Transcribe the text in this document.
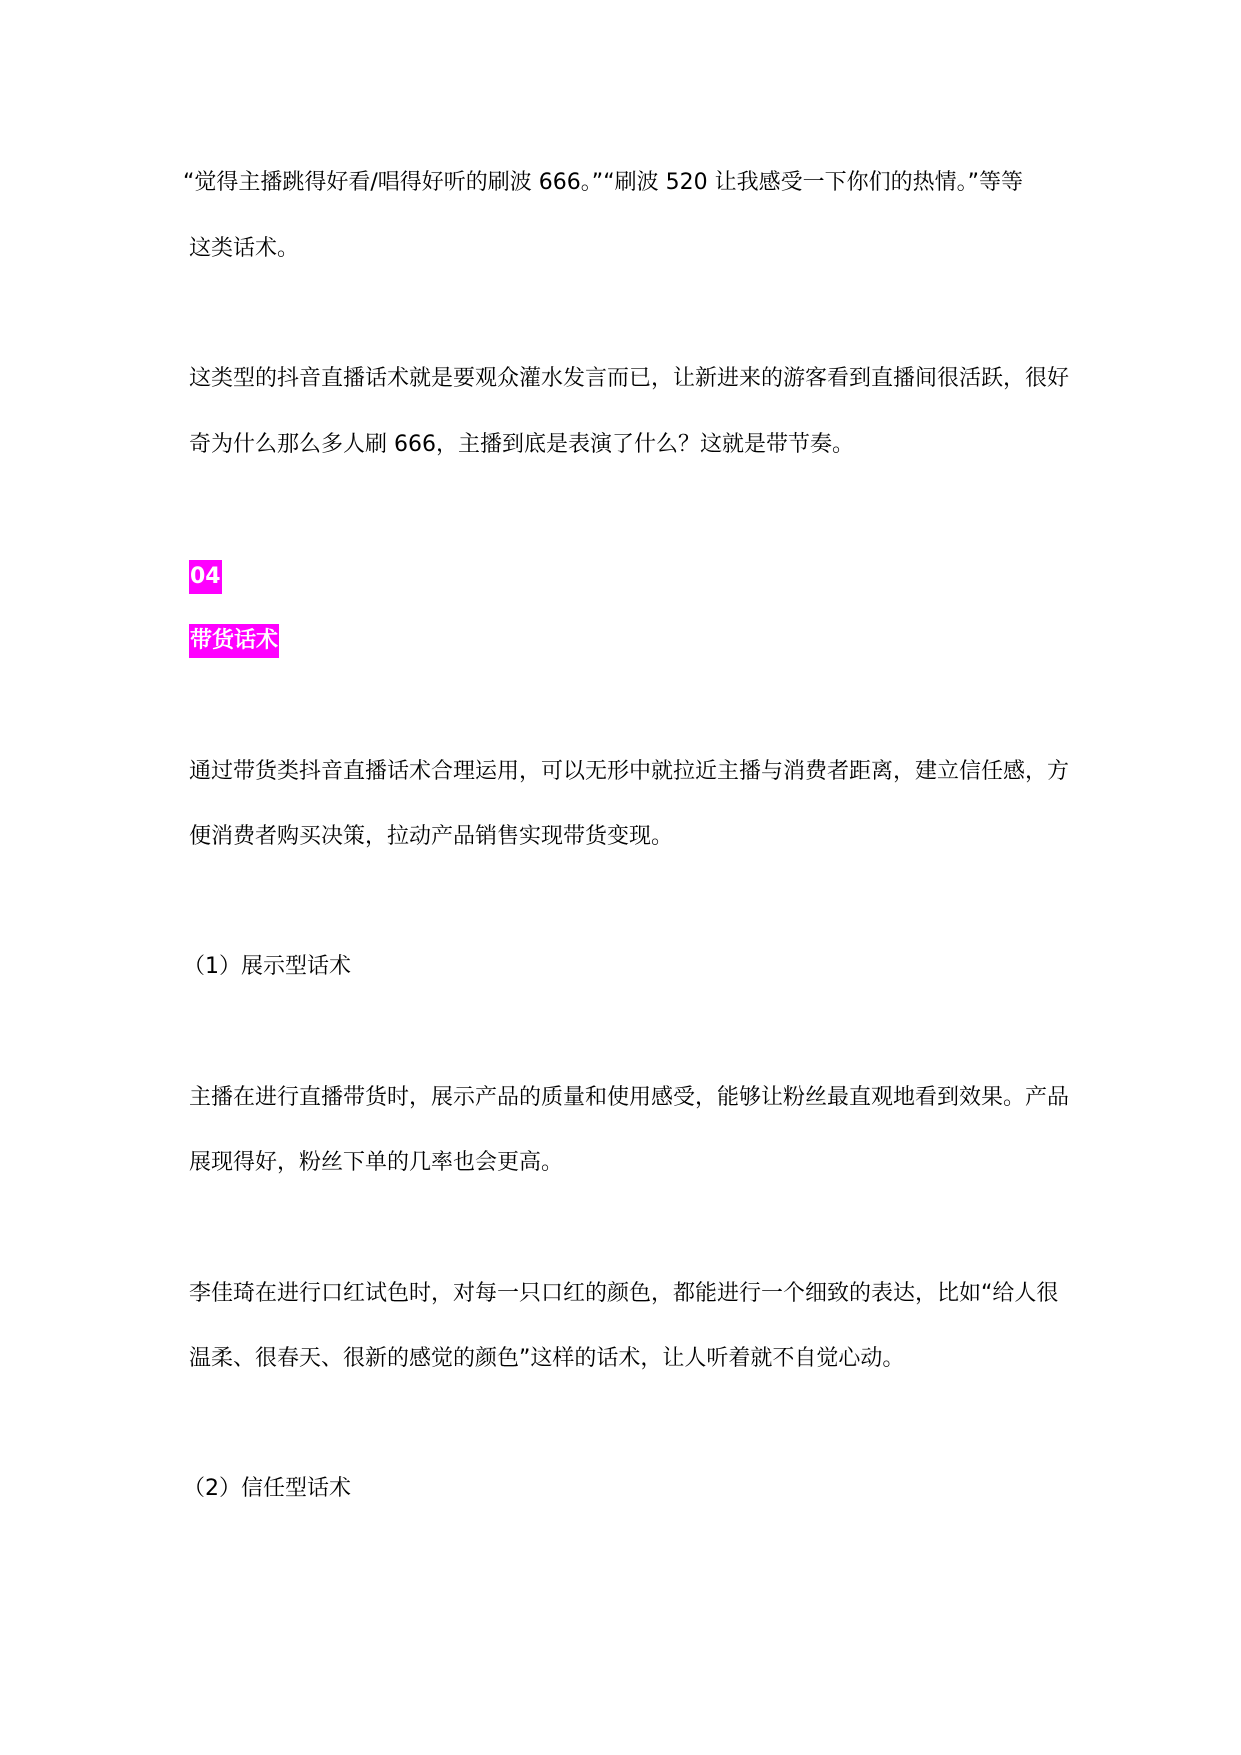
“觉得主播跳得好看/唱得好听的刷波 666。”“刷波 520 让我感受一下你们的热情。”等等
这类话术。
这类型的抖音直播话术就是要观众灌水发言而已，让新进来的游客看到直播间很活跃，很好
奇为什么那么多人刷 666，主播到底是表演了什么？这就是带节奏。
04
带货话术
通过带货类抖音直播话术合理运用，可以无形中就拉近主播与消费者距离，建立信任感，方
便消费者购买决策，拉动产品销售实现带货变现。
（1）展示型话术
主播在进行直播带货时，展示产品的质量和使用感受，能够让粉丝最直观地看到效果。产品
展现得好，粉丝下单的几率也会更高。
李佳琦在进行口红试色时，对每一只口红的颜色，都能进行一个细致的表达，比如“给人很
温柔、很春天、很新的感觉的颜色”这样的话术，让人听着就不自觉心动。
（2）信任型话术
